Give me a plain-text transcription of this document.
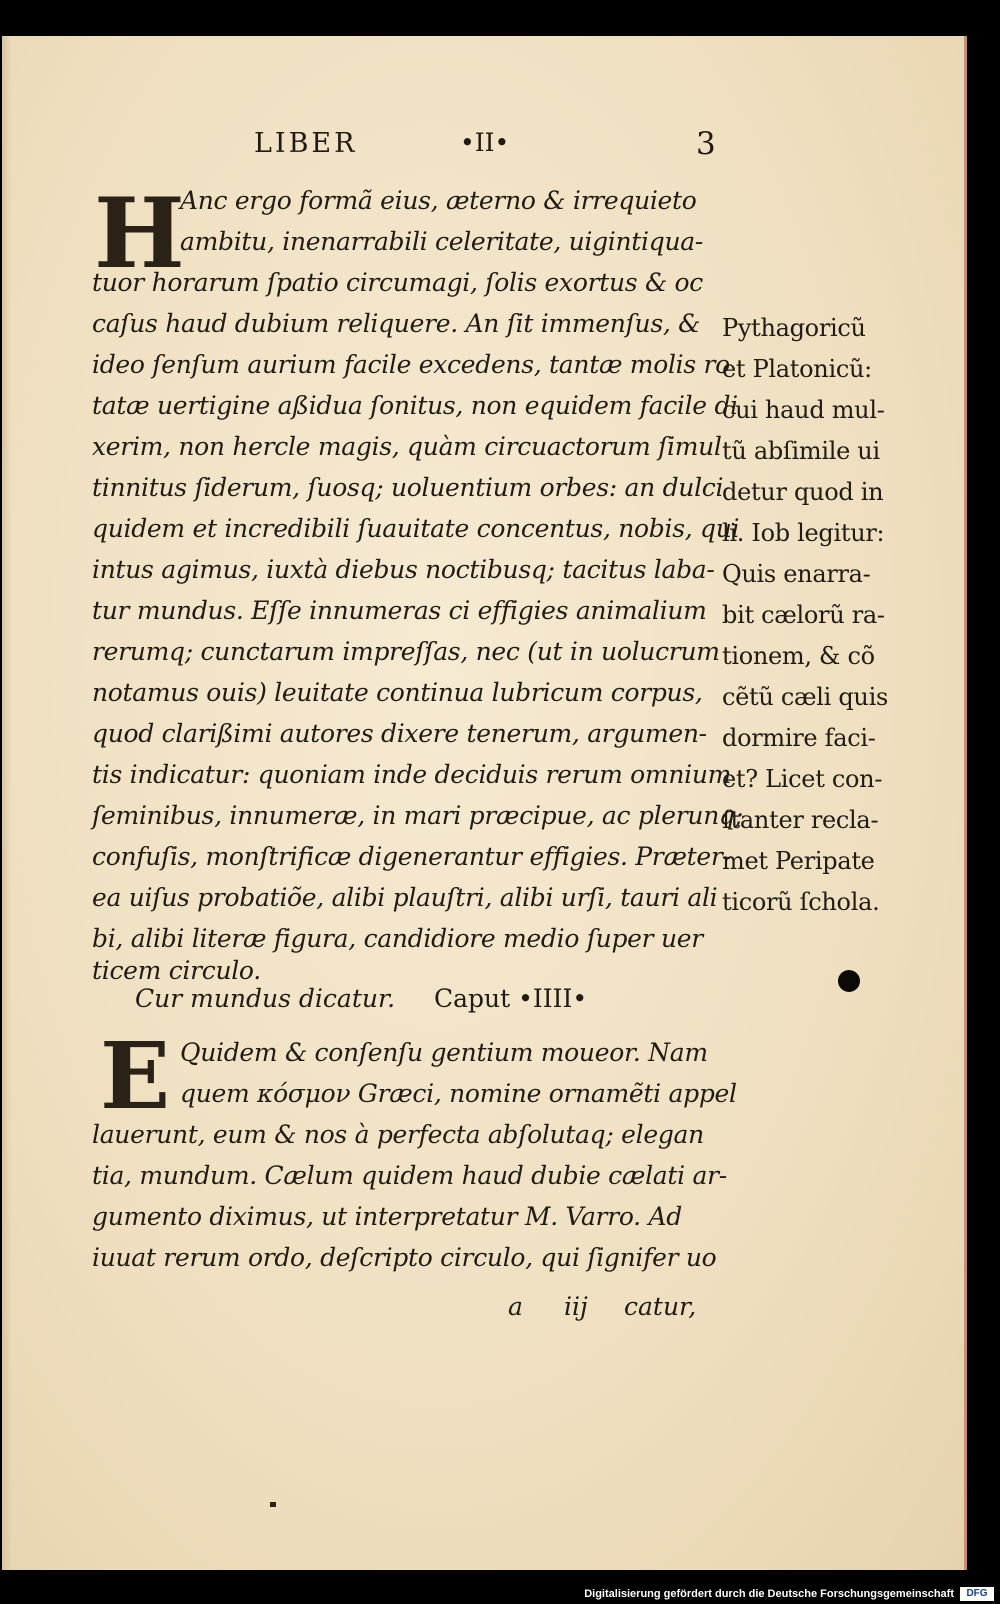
LIBER	•II•	3
H
Anc ergo formã eius, æterno & irrequieto
ambitu, inenarrabili celeritate, uigintiqua-
tuor horarum ſpatio circumagi, ſolis exortus & oc
caſus haud dubium reliquere. An ſit immenſus, &
ideo ſenſum aurium facile excedens, tantæ molis ro
tatæ uertigine aßidua ſonitus, non equidem facile di
xerim, non hercle magis, quàm circuactorum ſimul
tinnitus ſiderum, ſuosq; uoluentium orbes: an dulci
quidem et incredibili ſuauitate concentus, nobis, qui
intus agimus, iuxtà diebus noctibusq; tacitus laba-
tur mundus. Eſſe innumeras ci effigies animalium
rerumq; cunctarum impreſſas, nec (ut in uolucrum
notamus ouis) leuitate continua lubricum corpus,
quod clarißimi autores dixere tenerum, argumen-
tis indicatur: quoniam inde deciduis rerum omnium
ſeminibus, innumeræ, in mari præcipue, ac plerunq;
confuſis, monſtrificæ digenerantur effigies. Præter-
ea uiſus probatiõe, alibi plauſtri, alibi urſi, tauri ali
bi, alibi literæ figura, candidiore medio ſuper uer
ticem circulo.
Cur mundus dicatur. Caput •IIII•
E Quidem & conſenſu gentium moueor. Nam
quem κόσμον Græci, nomine ornamẽti appel
lauerunt, eum & nos à perfecta abſolutaq; elegan
tia, mundum. Cælum quidem haud dubie cælati ar-
gumento diximus, ut interpretatur M. Varro. Ad
iuuat rerum ordo, deſcripto circulo, qui ſignifer uo
Pythagoricũ
et Platonicũ:
cui haud mul-
tũ abſimile ui
detur quod in
li. Iob legitur:
Quis enarra-
bit cælorũ ra-
tionem, & cõ
cẽtũ cæli quis
dormire faci-
et? Licet con-
ſtanter recla-
met Peripate
ticorũ ſchola.
a iij catur,
Digitalisierung gefördert durch die Deutsche Forschungsgemeinschaft	DFG
